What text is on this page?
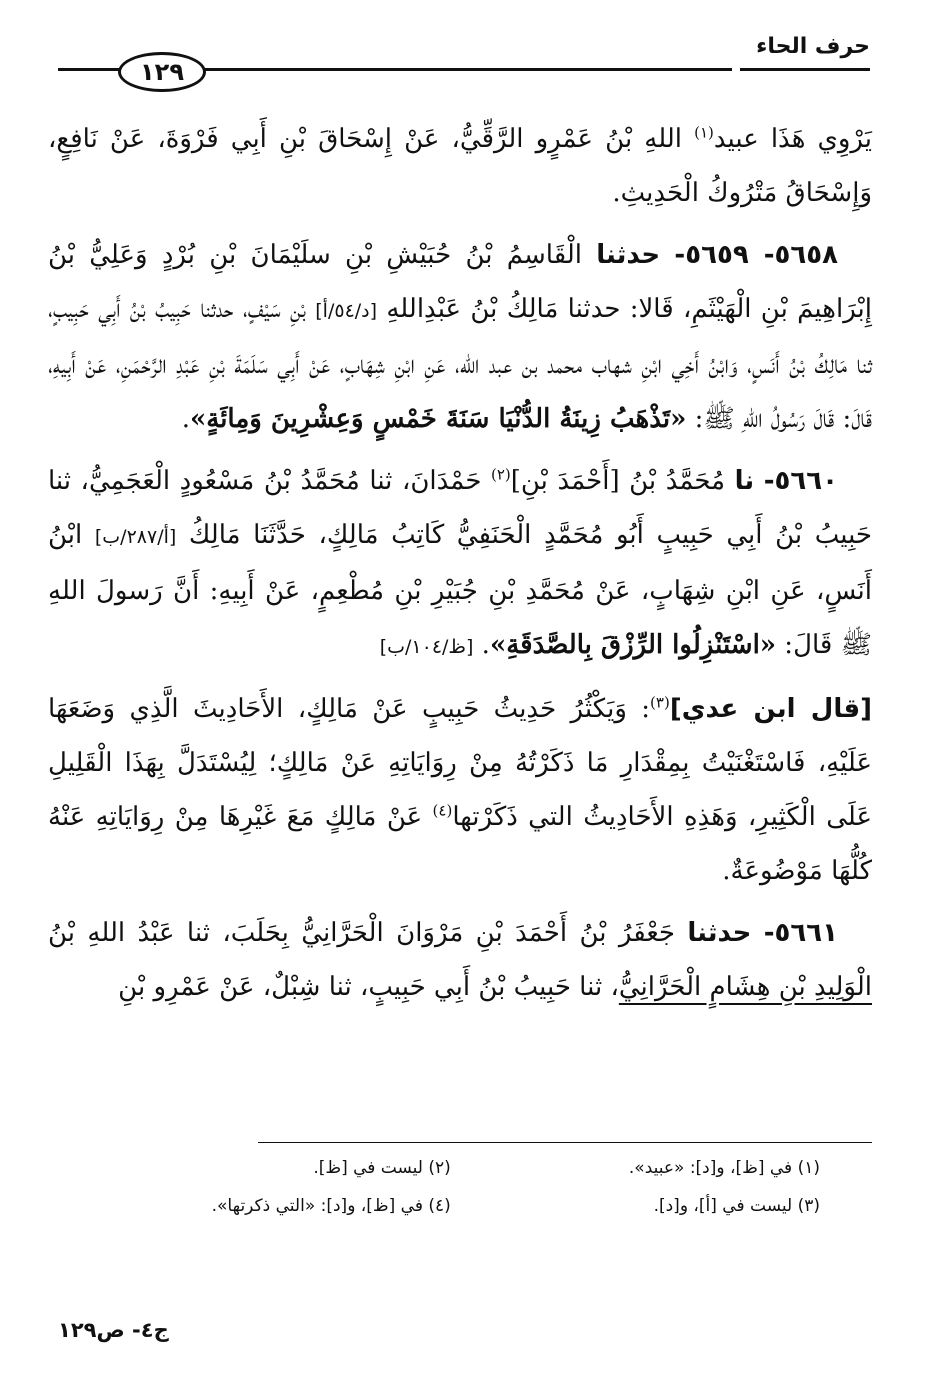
حرف الحاء
١٢٩

يَرْوِي هَذَا عبيد$^{(١)}$ اللهِ بْنُ عَمْرٍو الرَّقِّيُّ، عَنْ إِسْحَاقَ بْنِ أَبِي فَرْوَةَ، عَنْ نَافِعٍ، وَإِسْحَاقُ مَتْرُوكُ الْحَدِيثِ.

٥٦٥٨- ٥٦٥٩- حدثنا الْقَاسِمُ بْنُ حُبَيْشِ بْنِ سلَيْمَانَ بْنِ بُرْدٍ وَعَلِيُّ بْنُ إِبْرَاهِيمَ بْنِ الْهَيْثَمِ، قَالا: حدثنا مَالِكُ بْنُ عَبْدِاللهِ [د/٥٤/أ] بْنِ سَيْفٍ، حدثنا حَبِيبُ بْنُ أَبِي حَبِيبٍ، ثنا مَالِكُ بْنُ أَنَسٍ، وَابْنُ أَخِي ابْنِ شهاب محمد بن عبد الله، عَنِ ابْنِ شِهَابٍ، عَنْ أَبِي سَلَمَةَ بْنِ عَبْدِ الرَّحْمَنِ، عَنْ أَبِيهِ، قَالَ: قَالَ رَسُولُ اللهِ ﷺ: «تَذْهَبُ زِينَةُ الدُّنْيَا سَنَةَ خَمْسٍ وَعِشْرِينَ وَمِائَةٍ».

٥٦٦٠- نا مُحَمَّدُ بْنُ [أَحْمَدَ بْنِ]$^{(٢)}$ حَمْدَانَ، ثنا مُحَمَّدُ بْنُ مَسْعُودٍ الْعَجَمِيُّ، ثنا حَبِيبُ بْنُ أَبِي حَبِيبٍ أَبُو مُحَمَّدٍ الْحَنَفِيُّ كَاتِبُ مَالِكٍ، حَدَّثَنَا مَالِكُ [أ/٢٨٧/ب] ابْنُ أَنَسٍ، عَنِ ابْنِ شِهَابٍ، عَنْ مُحَمَّدِ بْنِ جُبَيْرِ بْنِ مُطْعِمٍ، عَنْ أَبِيهِ: أَنَّ رَسولَ اللهِ ﷺ قَالَ: «اسْتَنْزِلُوا الرِّزْقَ بِالصَّدَقَةِ». [ظ/١٠٤/ب]

[قال ابن عدي]$^{(٣)}$: وَيَكْثُرُ حَدِيثُ حَبِيبٍ عَنْ مَالِكٍ، الأَحَادِيثَ الَّذِي وَضَعَهَا عَلَيْهِ، فَاسْتَغْنَيْتُ بِمِقْدَارِ مَا ذَكَرْتُهُ مِنْ رِوَايَاتِهِ عَنْ مَالِكٍ؛ لِيُسْتَدَلَّ بِهَذَا الْقَلِيلِ عَلَى الْكَثِيرِ، وَهَذِهِ الأَحَادِيثُ التي ذَكَرْتها$^{(٤)}$ عَنْ مَالِكٍ مَعَ غَيْرِهَا مِنْ رِوَايَاتِهِ عَنْهُ كُلُّهَا مَوْضُوعَةٌ.

٥٦٦١- حدثنا جَعْفَرُ بْنُ أَحْمَدَ بْنِ مَرْوَانَ الْحَرَّانِيُّ بِحَلَبَ، ثنا عَبْدُ اللهِ بْنُ الْوَلِيدِ بْنِ هِشَامٍ الْحَرَّانِيُّ، ثنا حَبِيبُ بْنُ أَبِي حَبِيبٍ، ثنا شِبْلٌ، عَنْ عَمْرِو بْنِ

(١) في [ظ]، و[د]: «عبيد».
(٢) ليست في [ظ].
(٣) ليست في [أ]، و[د].
(٤) في [ظ]، و[د]: «التي ذكرتها».
ج٤- ص١٢٩
